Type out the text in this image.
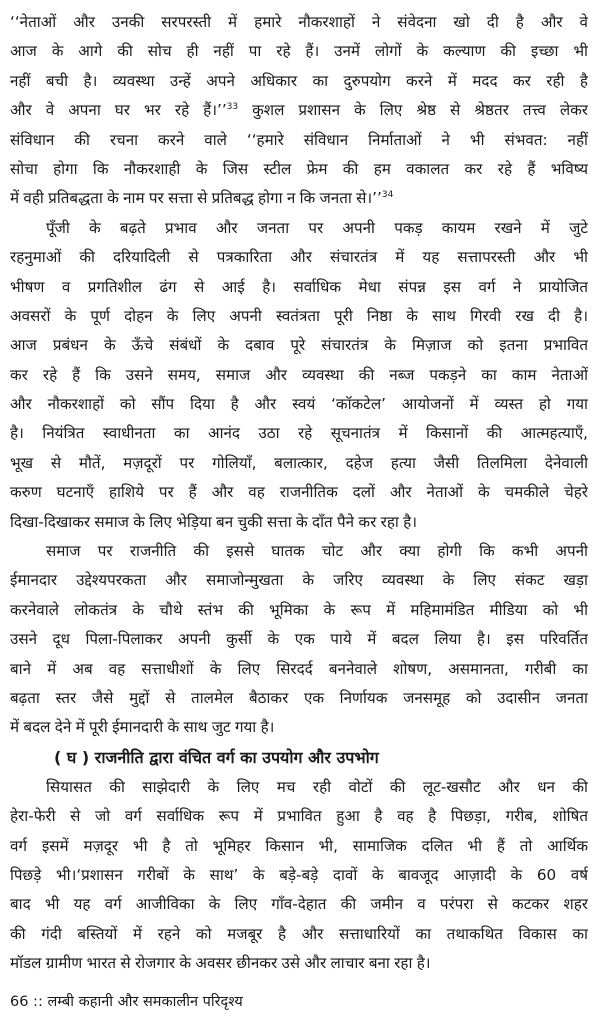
‘‘नेताओं और उनकी सरपरस्ती में हमारे नौकरशाहों ने संवेदना खो दी है और वे
आज के आगे की सोच ही नहीं पा रहे हैं। उनमें लोगों के कल्याण की इच्छा भी
नहीं बची है। व्यवस्था उन्हें अपने अधिकार का दुरुपयोग करने में मदद कर रही है
और वे अपना घर भर रहे हैं।’’$^{33}$ कुशल प्रशासन के लिए श्रेष्ठ से श्रेष्ठतर तत्त्व लेकर
संविधान की रचना करने वाले ‘‘हमारे संविधान निर्माताओं ने भी संभवत: नहीं
सोचा होगा कि नौकरशाही के जिस स्टील फ्रेम की हम वकालत कर रहे हैं भविष्य
में वही प्रतिबद्धता के नाम पर सत्ता से प्रतिबद्ध होगा न कि जनता से।’’$^{34}$
पूँजी के बढ़ते प्रभाव और जनता पर अपनी पकड़ कायम रखने में जुटे
रहनुमाओं की दरियादिली से पत्रकारिता और संचारतंत्र में यह सत्तापरस्ती और भी
भीषण व प्रगतिशील ढंग से आई है। सर्वाधिक मेधा संपन्न इस वर्ग ने प्रायोजित
अवसरों के पूर्ण दोहन के लिए अपनी स्वतंत्रता पूरी निष्ठा के साथ गिरवी रख दी है।
आज प्रबंधन के ऊँचे संबंधों के दबाव पूरे संचारतंत्र के मिज़ाज को इतना प्रभावित
कर रहे हैं कि उसने समय, समाज और व्यवस्था की नब्ज पकड़ने का काम नेताओं
और नौकरशाहों को सौंप दिया है और स्वयं ‘कॉकटेल’ आयोजनों में व्यस्त हो गया
है। नियंत्रित स्वाधीनता का आनंद उठा रहे सूचनातंत्र में किसानों की आत्महत्याएँ,
भूख से मौतें, मज़दूरों पर गोलियाँ, बलात्कार, दहेज हत्या जैसी तिलमिला देनेवाली
करुण घटनाएँ हाशिये पर हैं और वह राजनीतिक दलों और नेताओं के चमकीले चेहरे
दिखा-दिखाकर समाज के लिए भेड़िया बन चुकी सत्ता के दाँत पैने कर रहा है।
समाज पर राजनीति की इससे घातक चोट और क्या होगी कि कभी अपनी
ईमानदार उद्देश्यपरकता और समाजोन्मुखता के जरिए व्यवस्था के लिए संकट खड़ा
करनेवाले लोकतंत्र के चौथे स्तंभ की भूमिका के रूप में महिमामंडित मीडिया को भी
उसने दूध पिला-पिलाकर अपनी कुर्सी के एक पाये में बदल लिया है। इस परिवर्तित
बाने में अब वह सत्ताधीशों के लिए सिरदर्द बननेवाले शोषण, असमानता, गरीबी का
बढ़ता स्तर जैसे मुद्दों से तालमेल बैठाकर एक निर्णायक जनसमूह को उदासीन जनता
में बदल देने में पूरी ईमानदारी के साथ जुट गया है।
( घ ) राजनीति द्वारा वंचित वर्ग का उपयोग और उपभोग
सियासत की साझेदारी के लिए मच रही वोटों की लूट-खसौट और धन की
हेरा-फेरी से जो वर्ग सर्वाधिक रूप में प्रभावित हुआ है वह है पिछड़ा, गरीब, शोषित
वर्ग इसमें मज़दूर भी है तो भूमिहर किसान भी, सामाजिक दलित भी हैं तो आर्थिक
पिछड़े भी।‘प्रशासन गरीबों के साथ’ के बड़े-बड़े दावों के बावजूद आज़ादी के 60 वर्ष
बाद भी यह वर्ग आजीविका के लिए गाँव-देहात की जमीन व परंपरा से कटकर शहर
की गंदी बस्तियों में रहने को मजबूर है और सत्ताधारियों का तथाकथित विकास का
मॉडल ग्रामीण भारत से रोजगार के अवसर छीनकर उसे और लाचार बना रहा है।
66 :: लम्बी कहानी और समकालीन परिदृश्य
